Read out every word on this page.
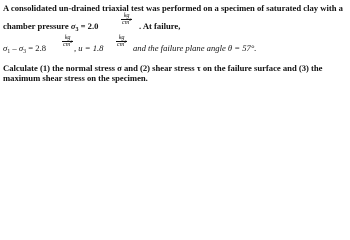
A consolidated un-drained triaxial test was performed on a specimen of saturated clay with a
chamber pressure $\sigma_3 = 2.0$	$\frac{kg}{cm^2}$ . At failure,
$\sigma_1 - \sigma_3 = 2.8$	$\frac{kg}{cm^2}$ , $u = 1.8 \frac{kg}{cm^2}$ and the failure plane angle θ = 57°.
Calculate (1) the normal stress σ and (2) shear stress τ on the failure surface and (3) the
maximum shear stress on the specimen.
